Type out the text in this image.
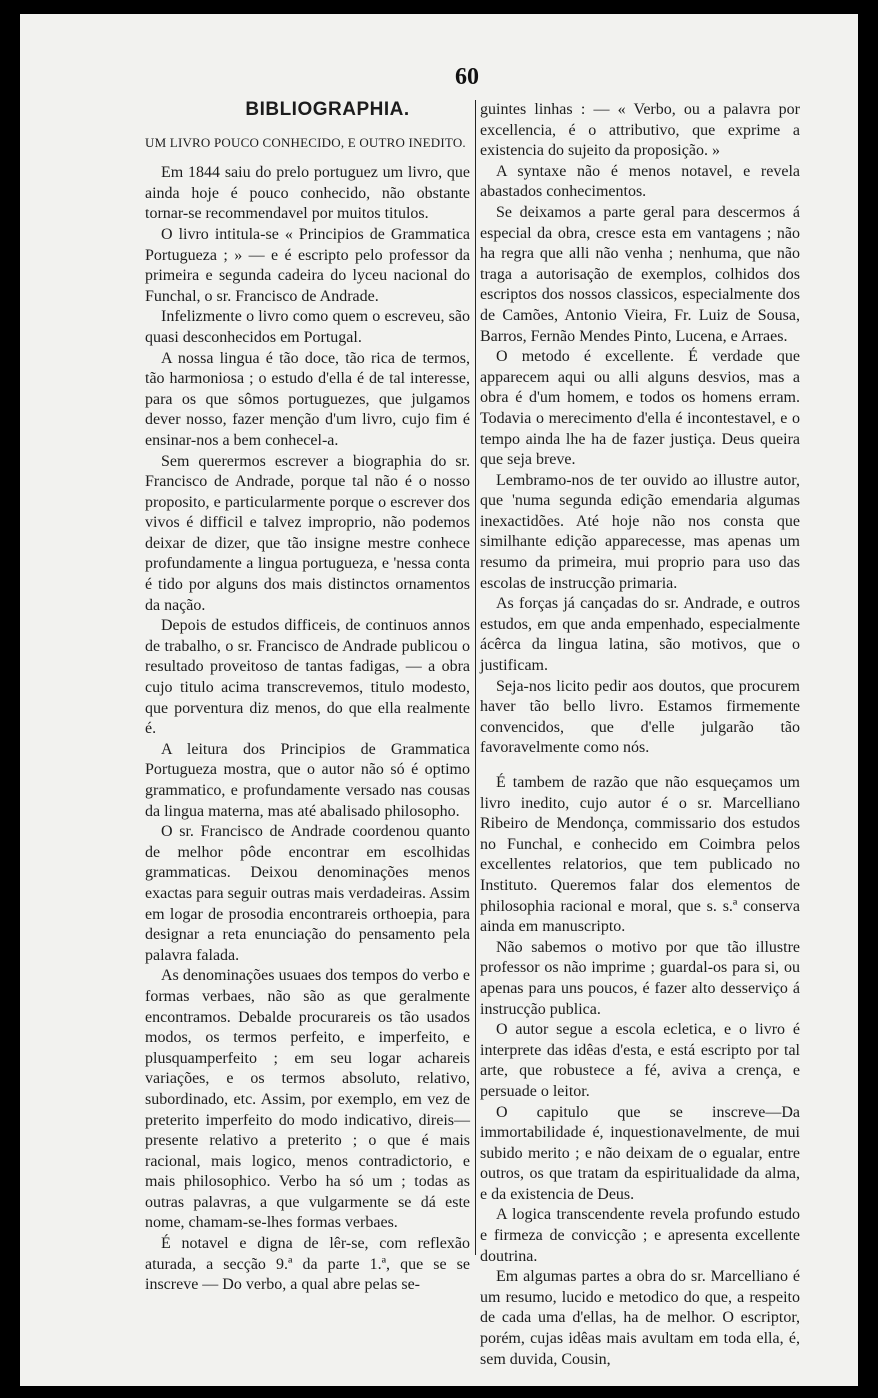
60
BIBLIOGRAPHIA.
UM LIVRO POUCO CONHECIDO, E OUTRO INEDITO.

Em 1844 saiu do prelo portuguez um livro, que ainda hoje é pouco conhecido, não obstante tornar-se recommendavel por muitos titulos.

O livro intitula-se « Principios de Grammatica Portugueza ; » — e é escripto pelo professor da primeira e segunda cadeira do lyceu nacional do Funchal, o sr. Francisco de Andrade.

Infelizmente o livro como quem o escreveu, são quasi desconhecidos em Portugal.

A nossa lingua é tão doce, tão rica de termos, tão harmoniosa ; o estudo d'ella é de tal interesse, para os que sômos portuguezes, que julgamos dever nosso, fazer menção d'um livro, cujo fim é ensinar-nos a bem conhecel-a.

Sem querermos escrever a biographia do sr. Francisco de Andrade, porque tal não é o nosso proposito, e particularmente porque o escrever dos vivos é difficil e talvez improprio, não podemos deixar de dizer, que tão insigne mestre conhece profundamente a lingua portugueza, e 'nessa conta é tido por alguns dos mais distinctos ornamentos da nação.

Depois de estudos difficeis, de continuos annos de trabalho, o sr. Francisco de Andrade publicou o resultado proveitoso de tantas fadigas, — a obra cujo titulo acima transcrevemos, titulo modesto, que porventura diz menos, do que ella realmente é.

A leitura dos Principios de Grammatica Portugueza mostra, que o autor não só é optimo grammatico, e profundamente versado nas cousas da lingua materna, mas até abalisado philosopho.

O sr. Francisco de Andrade coordenou quanto de melhor pôde encontrar em escolhidas grammaticas. Deixou denominações menos exactas para seguir outras mais verdadeiras. Assim em logar de prosodia encontrareis orthoepia, para designar a reta enunciação do pensamento pela palavra falada.

As denominações usuaes dos tempos do verbo e formas verbaes, não são as que geralmente encontramos. Debalde procurareis os tão usados modos, os termos perfeito, e imperfeito, e plusquamperfeito ; em seu logar achareis variações, e os termos absoluto, relativo, subordinado, etc. Assim, por exemplo, em vez de preterito imperfeito do modo indicativo, direis—presente relativo a preterito ; o que é mais racional, mais logico, menos contradictorio, e mais philosophico. Verbo ha só um ; todas as outras palavras, a que vulgarmente se dá este nome, chamam-se-lhes formas verbaes.

É notavel e digna de lêr-se, com reflexão aturada, a secção 9.ª da parte 1.ª, que se se inscreve — Do verbo, a qual abre pelas se-

guintes linhas : — « Verbo, ou a palavra por excellencia, é o attributivo, que exprime a existencia do sujeito da proposição. »

A syntaxe não é menos notavel, e revela abastados conhecimentos.

Se deixamos a parte geral para descermos á especial da obra, cresce esta em vantagens ; não ha regra que alli não venha ; nenhuma, que não traga a autorisação de exemplos, colhidos dos escriptos dos nossos classicos, especialmente dos de Camões, Antonio Vieira, Fr. Luiz de Sousa, Barros, Fernão Mendes Pinto, Lucena, e Arraes.

O metodo é excellente. É verdade que apparecem aqui ou alli alguns desvios, mas a obra é d'um homem, e todos os homens erram. Todavia o merecimento d'ella é incontestavel, e o tempo ainda lhe ha de fazer justiça. Deus queira que seja breve.

Lembramo-nos de ter ouvido ao illustre autor, que 'numa segunda edição emendaria algumas inexactidões. Até hoje não nos consta que similhante edição apparecesse, mas apenas um resumo da primeira, mui proprio para uso das escolas de instrucção primaria.

As forças já cançadas do sr. Andrade, e outros estudos, em que anda empenhado, especialmente ácêrca da lingua latina, são motivos, que o justificam.

Seja-nos licito pedir aos doutos, que procurem haver tão bello livro. Estamos firmemente convencidos, que d'elle julgarão tão favoravelmente como nós.

É tambem de razão que não esqueçamos um livro inedito, cujo autor é o sr. Marcelliano Ribeiro de Mendonça, commissario dos estudos no Funchal, e conhecido em Coimbra pelos excellentes relatorios, que tem publicado no Instituto. Queremos falar dos elementos de philosophia racional e moral, que s. s.ª conserva ainda em manuscripto.

Não sabemos o motivo por que tão illustre professor os não imprime ; guardal-os para si, ou apenas para uns poucos, é fazer alto desserviço á instrucção publica.

O autor segue a escola ecletica, e o livro é interprete das idêas d'esta, e está escripto por tal arte, que robustece a fé, aviva a crença, e persuade o leitor.

O capitulo que se inscreve—Da immortabilidade é, inquestionavelmente, de mui subido merito ; e não deixam de o egualar, entre outros, os que tratam da espiritualidade da alma, e da existencia de Deus.

A logica transcendente revela profundo estudo e firmeza de convicção ; e apresenta excellente doutrina.

Em algumas partes a obra do sr. Marcelliano é um resumo, lucido e metodico do que, a respeito de cada uma d'ellas, ha de melhor. O escriptor, porém, cujas idêas mais avultam em toda ella, é, sem duvida, Cousin,
